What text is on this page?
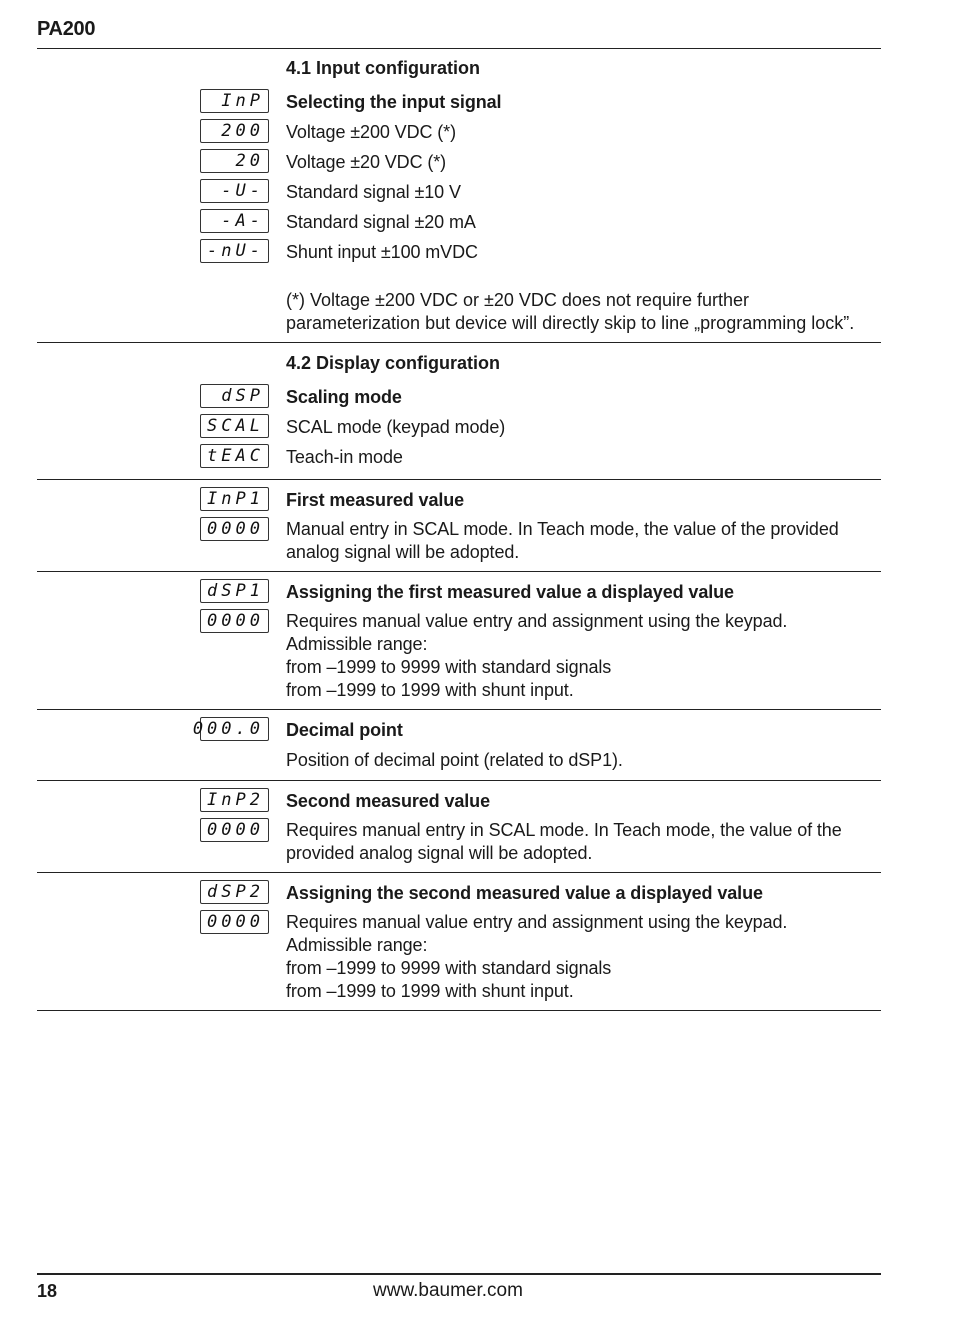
PA200
4.1 Input configuration
InP Selecting the input signal
200 Voltage ±200 VDC (*)
20 Voltage ±20 VDC (*)
-U- Standard signal ±10 V
-A- Standard signal ±20 mA
-nU- Shunt input ±100 mVDC
(*) Voltage ±200 VDC or ±20 VDC does not require further parameterization but device will directly skip to line „programming lock”.
4.2 Display configuration
dSP Scaling mode
SCAL SCAL mode (keypad mode)
tEAC Teach-in mode
InP1 First measured value
0000 Manual entry in SCAL mode. In Teach mode, the value of the provided analog signal will be adopted.
dSP1 Assigning the first measured value a displayed value
0000 Requires manual value entry and assignment using the keypad.
Admissible range:
from –1999 to 9999 with standard signals
from –1999 to 1999 with shunt input.
000.0 Decimal point
Position of decimal point (related to dSP1).
InP2 Second measured value
0000 Requires manual entry in SCAL mode. In Teach mode, the value of the provided analog signal will be adopted.
dSP2 Assigning the second measured value a displayed value
0000 Requires manual value entry and assignment using the keypad.
Admissible range:
from –1999 to 9999 with standard signals
from –1999 to 1999 with shunt input.
18	www.baumer.com
